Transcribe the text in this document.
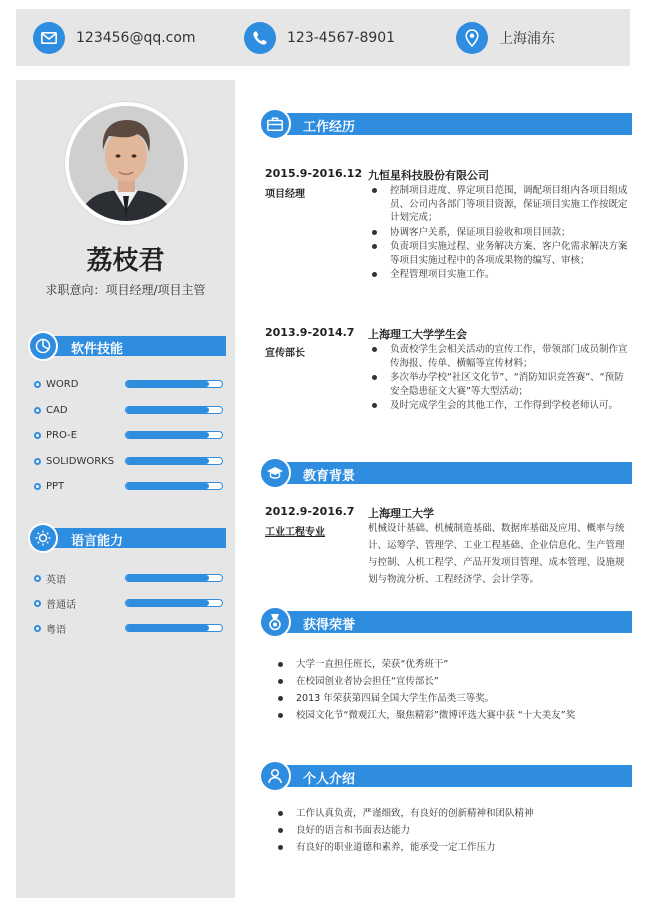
123456@qq.com	123-4567-8901	上海浦东
荔枝君
求职意向：项目经理/项目主管
软件技能
WORD
CAD
PRO-E
SOLIDWORKS
PPT
语言能力
英语
普通话
粤语
工作经历
2015.9-2016.12
项目经理
九恒星科技股份有限公司
控制项目进度、界定项目范围，调配项目组内各项目组成员、公司内各部门等项目资源，保证项目实施工作按既定计划完成；
协调客户关系，保证项目验收和项目回款；
负责项目实施过程、业务解决方案、客户化需求解决方案等项目实施过程中的各项成果物的编写、审核；
全程管理项目实施工作。
2013.9-2014.7
宣传部长
上海理工大学学生会
负责校学生会相关活动的宣传工作，带领部门成员制作宣传海报、传单、横幅等宣传材料；
多次举办学校“社区文化节”、“消防知识竞答赛”、“预防安全隐患征文大赛”等大型活动；
及时完成学生会的其他工作，工作得到学校老师认可。
教育背景
2012.9-2016.7
工业工程专业
上海理工大学
机械设计基础、机械制造基础、数据库基础及应用、概率与统计、运筹学、管理学、工业工程基础、企业信息化、生产管理与控制、人机工程学、产品开发项目管理、成本管理、设施规划与物流分析、工程经济学、会计学等。
获得荣誉
大学一直担任班长，荣获“优秀班干”
在校园创业者协会担任“宣传部长”
2013 年荣获第四届全国大学生作品类三等奖。
校园文化节“微观江大，聚焦精彩”微博评选大赛中获 “十大美友”奖
个人介绍
工作认真负责，严谨细致，有良好的创新精神和团队精神
良好的语言和书面表达能力
有良好的职业道德和素养，能承受一定工作压力
